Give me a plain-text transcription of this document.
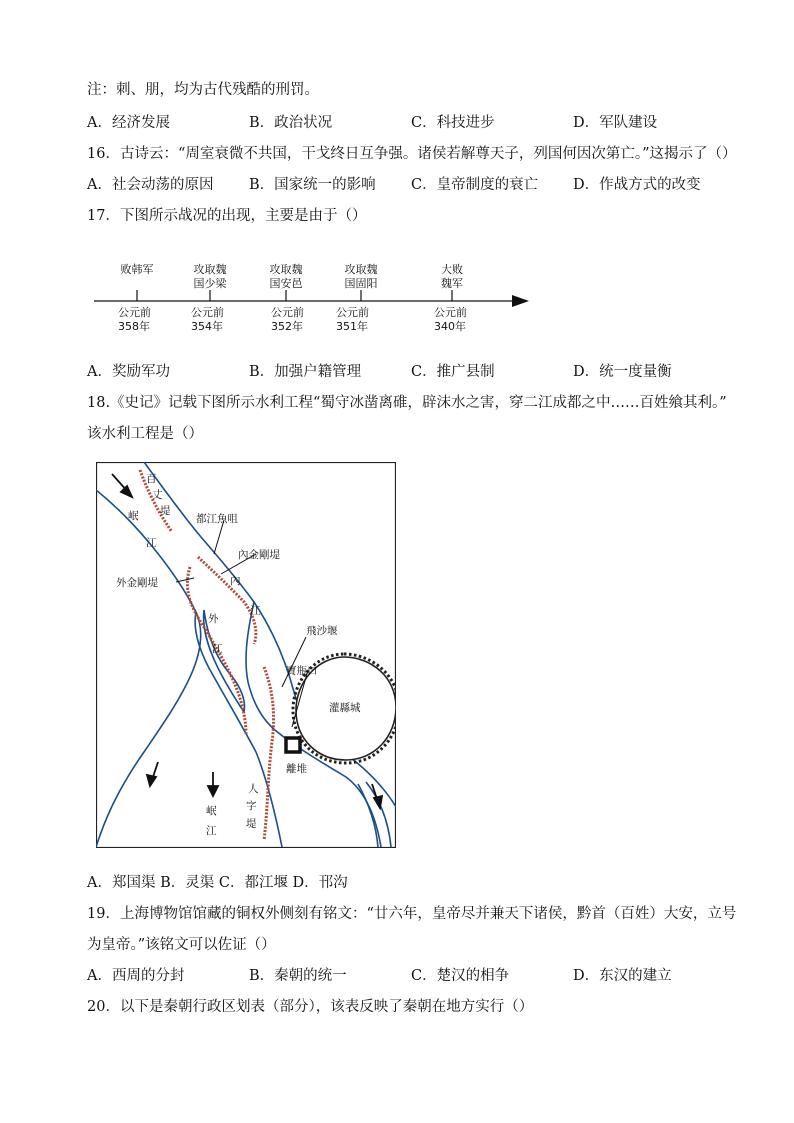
注：刺、朋，均为古代残酷的刑罚。
A．经济发展	B．政治状况	C．科技进步	D．军队建设
16．古诗云：“周室衰微不共国，干戈终日互争强。诸侯若解尊天子，列国何因次第亡。”这揭示了（）
A．社会动荡的原因 B．国家统一的影响 C．皇帝制度的衰亡 D．作战方式的改变
17．下图所示战况的出现，主要是由于（）
败韩军	攻取魏
国少梁
攻取魏
国安邑
攻取魏
国固阳
大败
魏军
公元前
358年
公元前
354年
公元前
352年
公元前
351年
公元前
340年
A．奖励军功	B．加强户籍管理	C．推广县制	D．统一度量衡
18.《史记》记载下图所示水利工程“蜀守冰凿离碓，辟沫水之害，穿二江成都之中……百姓飨其利。”
该水利工程是（）
百
丈
堤
岷
江
都江魚咀
內金剛堤
外金剛堤	內
江
外
江
飛沙堰
寶瓶口
灌縣城
離堆
人
字
堤
岷
江
A．郑国渠 B．灵渠 C．都江堰 D．邗沟
19．上海博物馆馆藏的铜权外侧刻有铭文：“廿六年，皇帝尽并兼天下诸侯，黔首（百姓）大安，立号
为皇帝。”该铭文可以佐证（）
A．西周的分封	B．秦朝的统一	C．楚汉的相争	D．东汉的建立
20．以下是秦朝行政区划表（部分），该表反映了秦朝在地方实行（）
